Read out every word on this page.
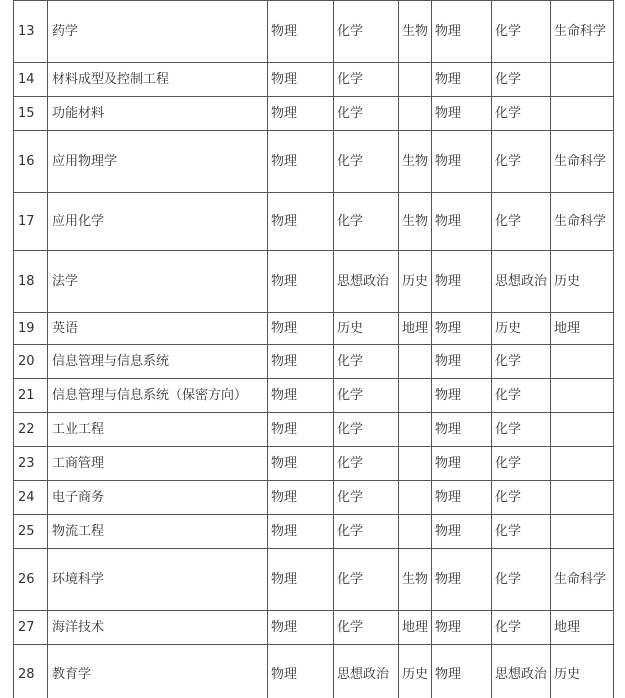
13	药学	物理	化学	生物	物理	化学	生命科学
14	材料成型及控制工程	物理	化学		物理	化学	
15	功能材料	物理	化学		物理	化学	
16	应用物理学	物理	化学	生物	物理	化学	生命科学
17	应用化学	物理	化学	生物	物理	化学	生命科学
18	法学	物理	思想政治	历史	物理	思想政治	历史
19	英语	物理	历史	地理	物理	历史	地理
20	信息管理与信息系统	物理	化学		物理	化学	
21	信息管理与信息系统（保密方向）	物理	化学		物理	化学	
22	工业工程	物理	化学		物理	化学	
23	工商管理	物理	化学		物理	化学	
24	电子商务	物理	化学		物理	化学	
25	物流工程	物理	化学		物理	化学	
26	环境科学	物理	化学	生物	物理	化学	生命科学
27	海洋技术	物理	化学	地理	物理	化学	地理
28	教育学	物理	思想政治	历史	物理	思想政治	历史
